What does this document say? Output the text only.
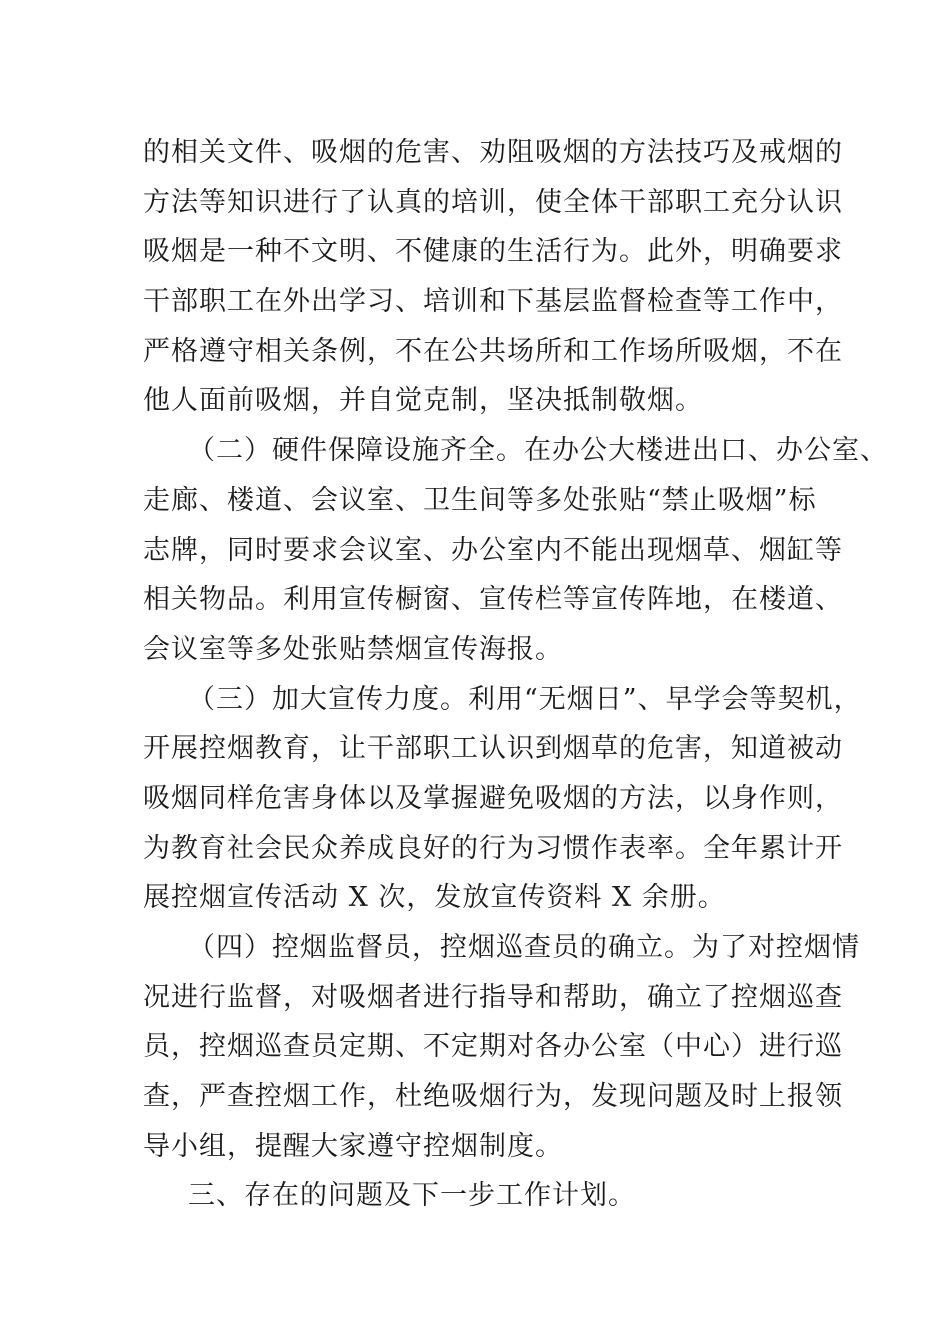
的相关文件、吸烟的危害、劝阻吸烟的方法技巧及戒烟的
方法等知识进行了认真的培训，使全体干部职工充分认识
吸烟是一种不文明、不健康的生活行为。此外，明确要求
干部职工在外出学习、培训和下基层监督检查等工作中，
严格遵守相关条例，不在公共场所和工作场所吸烟，不在
他人面前吸烟，并自觉克制，坚决抵制敬烟。
（二）硬件保障设施齐全。在办公大楼进出口、办公室、
走廊、楼道、会议室、卫生间等多处张贴“禁止吸烟”标
志牌，同时要求会议室、办公室内不能出现烟草、烟缸等
相关物品。利用宣传橱窗、宣传栏等宣传阵地，在楼道、
会议室等多处张贴禁烟宣传海报。
（三）加大宣传力度。利用“无烟日”、早学会等契机，
开展控烟教育，让干部职工认识到烟草的危害，知道被动
吸烟同样危害身体以及掌握避免吸烟的方法，以身作则，
为教育社会民众养成良好的行为习惯作表率。全年累计开
展控烟宣传活动 X 次，发放宣传资料 X 余册。
（四）控烟监督员，控烟巡查员的确立。为了对控烟情
况进行监督，对吸烟者进行指导和帮助，确立了控烟巡查
员，控烟巡查员定期、不定期对各办公室（中心）进行巡
查，严查控烟工作，杜绝吸烟行为，发现问题及时上报领
导小组，提醒大家遵守控烟制度。
三、存在的问题及下一步工作计划。
